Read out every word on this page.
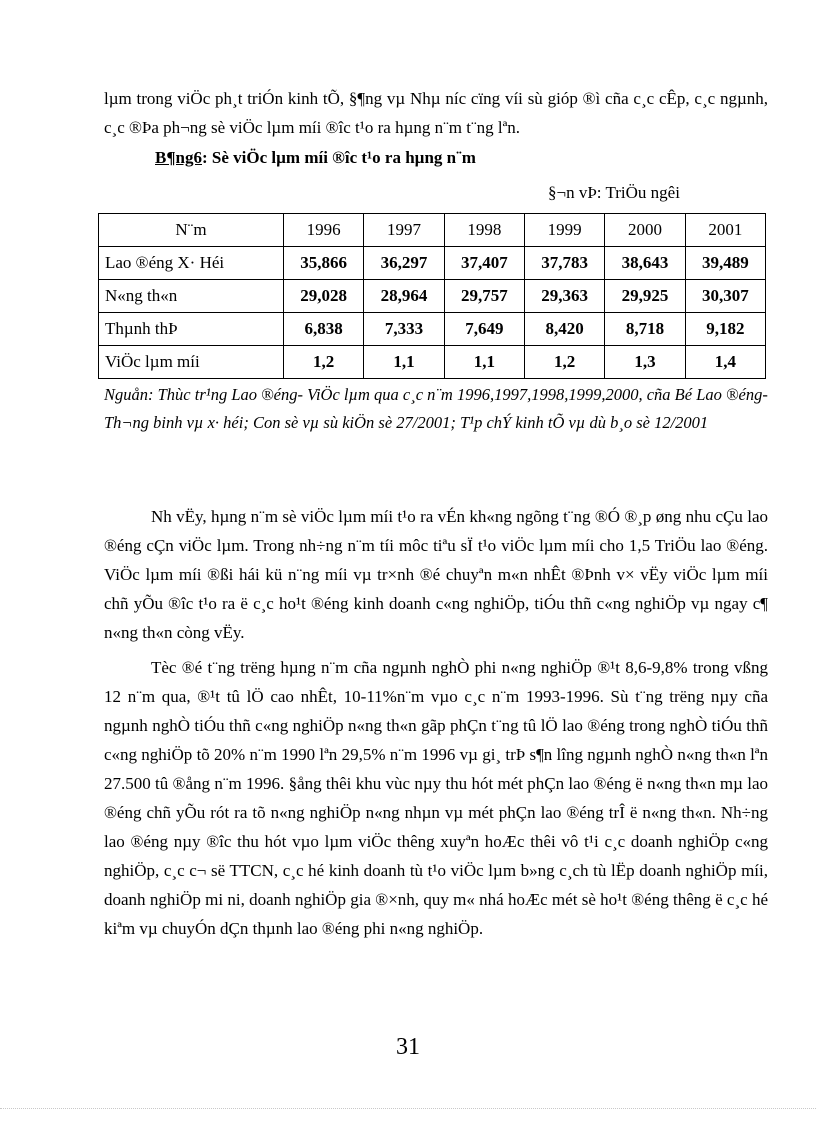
lµm trong viÖc ph¸t triÓn kinh tÕ, §¶ng vµ Nhµ níc cïng víi sù gióp ®ì cña c¸c cÊp, c¸c ngµnh, c¸c ®Þa ph¬ng sè viÖc lµm míi ®îc t¹o ra hµng n¨m t¨ng lªn.

B¶ng6: Sè viÖc lµm míi ®îc t¹o ra hµng n¨m
§¬n vÞ: TriÖu ngêi
N¨m	1996	1997	1998	1999	2000	2001
Lao ®éng X· Héi	35,866	36,297	37,407	37,783	38,643	39,489
N«ng th«n	29,028	28,964	29,757	29,363	29,925	30,307
Thµnh thÞ	6,838	7,333	7,649	8,420	8,718	9,182
ViÖc lµm míi	1,2	1,1	1,1	1,2	1,3	1,4

Nguån: Thùc tr¹ng Lao ®éng- ViÖc lµm qua c¸c n¨m 1996,1997,1998,1999,2000, cña Bé Lao ®éng-Th¬ng binh vµ x· héi; Con sè vµ sù kiÖn sè 27/2001; T¹p chÝ kinh tÕ vµ dù b¸o sè 12/2001

Nh vËy, hµng n¨m sè viÖc lµm míi t¹o ra vÉn kh«ng ngõng t¨ng ®Ó ®¸p øng nhu cÇu lao ®éng cÇn viÖc lµm. Trong nh÷ng n¨m tíi môc tiªu sÏ t¹o viÖc lµm míi cho 1,5 TriÖu lao ®éng. ViÖc lµm míi ®ßi hái kü n¨ng míi vµ tr×nh ®é chuyªn m«n nhÊt ®Þnh v× vËy viÖc lµm míi chñ yÕu ®îc t¹o ra ë c¸c ho¹t ®éng kinh doanh c«ng nghiÖp, tiÓu thñ c«ng nghiÖp vµ ngay c¶ n«ng th«n còng vËy.

Tèc ®é t¨ng trëng hµng n¨m cña ngµnh nghÒ phi n«ng nghiÖp ®¹t 8,6-9,8% trong vßng 12 n¨m qua, ®¹t tû lÖ cao nhÊt, 10-11%n¨m vµo c¸c n¨m 1993-1996. Sù t¨ng trëng nµy cña ngµnh nghÒ tiÓu thñ c«ng nghiÖp n«ng th«n gãp phÇn t¨ng tû lÖ lao ®éng trong nghÒ tiÓu thñ c«ng nghiÖp tõ 20% n¨m 1990 lªn 29,5% n¨m 1996 vµ gi¸ trÞ s¶n lîng ngµnh nghÒ n«ng th«n lªn 27.500 tû ®ång n¨m 1996. §ång thêi khu vùc nµy thu hót mét phÇn lao ®éng ë n«ng th«n mµ lao ®éng chñ yÕu rót ra tõ n«ng nghiÖp n«ng nhµn vµ mét phÇn lao ®éng trÎ ë n«ng th«n. Nh÷ng lao ®éng nµy ®îc thu hót vµo lµm viÖc thêng xuyªn hoÆc thêi vô t¹i c¸c doanh nghiÖp c«ng nghiÖp, c¸c c¬ së TTCN, c¸c hé kinh doanh tù t¹o viÖc lµm b»ng c¸ch tù lËp doanh nghiÖp míi, doanh nghiÖp mi ni, doanh nghiÖp gia ®×nh, quy m« nhá hoÆc mét sè ho¹t ®éng thêng ë c¸c hé kiªm vµ chuyÓn dÇn thµnh lao ®éng phi n«ng nghiÖp.

31
